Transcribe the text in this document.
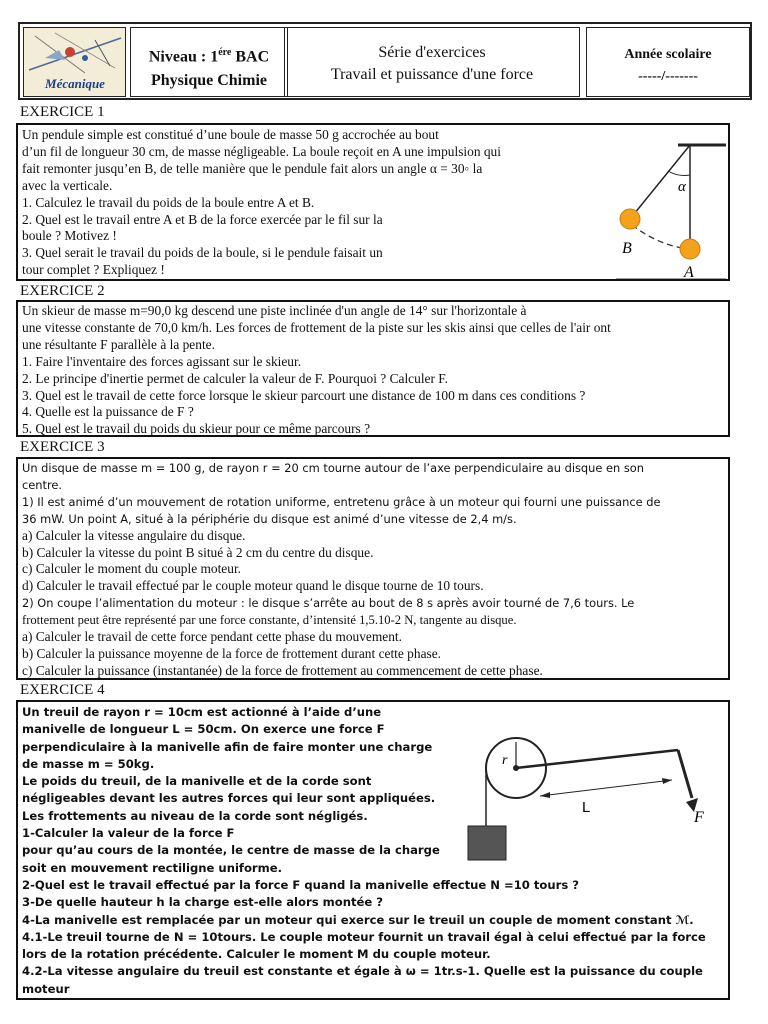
Mécanique
Niveau : $1^{ére}$ BAC
Physique Chimie
Série d'exercices
Travail et puissance d'une force
Année scolaire
-----/-------
EXERCICE 1

Un pendule simple est constitué d’une boule de masse 50 g accrochée au bout

d’un fil de longueur 30 cm, de masse négligeable. La boule reçoit en A une impulsion qui

fait remonter jusqu’en B, de telle manière que le pendule fait alors un angle α = 30◦ la

avec la verticale.

1. Calculez le travail du poids de la boule entre A et B.

2. Quel est le travail entre A et B de la force exercée par le fil sur la

boule ? Motivez !

3. Quel serait le travail du poids de la boule, si le pendule faisait un

tour complet ? Expliquez !

α
B
A
EXERCICE 2

Un skieur de masse m=90,0 kg descend une piste inclinée d'un angle de 14° sur l'horizontale à

une vitesse constante de 70,0 km/h. Les forces de frottement de la piste sur les skis ainsi que celles de l'air ont

une résultante F parallèle à la pente.

1. Faire l'inventaire des forces agissant sur le skieur.

2. Le principe d'inertie permet de calculer la valeur de F. Pourquoi ? Calculer F.

3. Quel est le travail de cette force lorsque le skieur parcourt une distance de 100 m dans ces conditions ?

4. Quelle est la puissance de F ?

5. Quel est le travail du poids du skieur pour ce même parcours ?

EXERCICE 3

Un disque de masse m = 100 g, de rayon r = 20 cm tourne autour de l’axe perpendiculaire au disque en son

centre.

1) Il est animé d’un mouvement de rotation uniforme, entretenu grâce à un moteur qui fourni une puissance de

36 mW. Un point A, situé à la périphérie du disque est animé d’une vitesse de 2,4 m/s.

a) Calculer la vitesse angulaire du disque.

b) Calculer la vitesse du point B situé à 2 cm du centre du disque.

c) Calculer le moment du couple moteur.

d) Calculer le travail effectué par le couple moteur quand le disque tourne de 10 tours.

2) On coupe l’alimentation du moteur : le disque s’arrête au bout de 8 s après avoir tourné de 7,6 tours. Le

frottement peut être représenté par une force constante, d’intensité 1,5.10-2 N, tangente au disque.

a) Calculer le travail de cette force pendant cette phase du mouvement.

b) Calculer la puissance moyenne de la force de frottement durant cette phase.

c) Calculer la puissance (instantanée) de la force de frottement au commencement de cette phase.

EXERCICE 4

Un treuil de rayon r = 10cm est actionné à l’aide d’une

manivelle de longueur L = 50cm. On exerce une force F

perpendiculaire à la manivelle afin de faire monter une charge

de masse m = 50kg.

Le poids du treuil, de la manivelle et de la corde sont

négligeables devant les autres forces qui leur sont appliquées.

Les frottements au niveau de la corde sont négligés.

1-Calculer la valeur de la force F

pour qu’au cours de la montée, le centre de masse de la charge

soit en mouvement rectiligne uniforme.

2-Quel est le travail effectué par la force F quand la manivelle effectue N =10 tours ?

3-De quelle hauteur h la charge est-elle alors montée ?

4-La manivelle est remplacée par un moteur qui exerce sur le treuil un couple de moment constant ℳ.

4.1-Le treuil tourne de N = 10tours. Le couple moteur fournit un travail égal à celui effectué par la force

lors de la rotation précédente. Calculer le moment M du couple moteur.

4.2-La vitesse angulaire du treuil est constante et égale à ω = 1tr.s-1. Quelle est la puissance du couple

moteur

r
L
F
